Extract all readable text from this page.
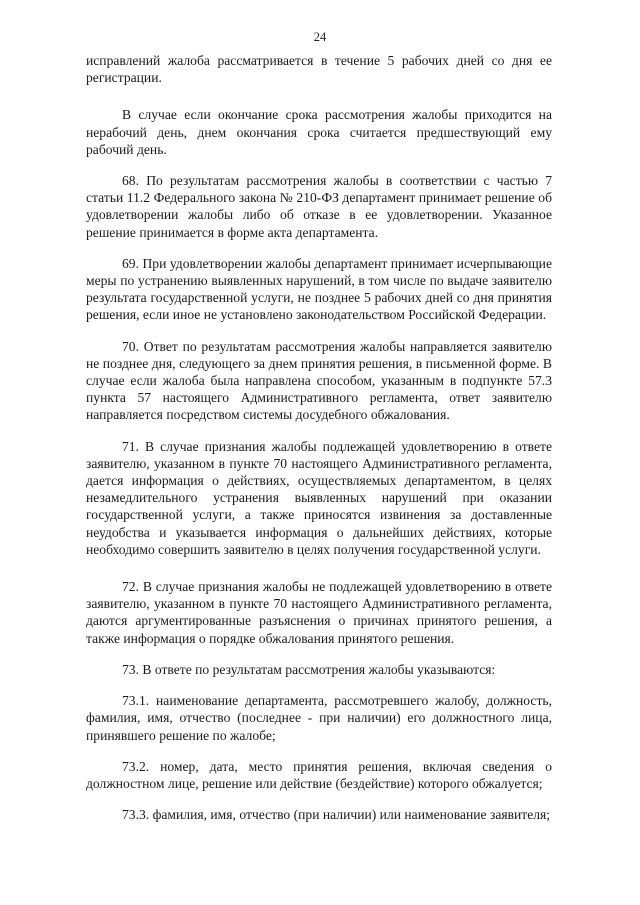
24

исправлений жалоба рассматривается в течение 5 рабочих дней со дня ее регистрации.

В случае если окончание срока рассмотрения жалобы приходится на нерабочий день, днем окончания срока считается предшествующий ему рабочий день.

68. По результатам рассмотрения жалобы в соответствии с частью 7 статьи 11.2 Федерального закона № 210-ФЗ департамент принимает решение об удовлетворении жалобы либо об отказе в ее удовлетворении. Указанное решение принимается в форме акта департамента.

69. При удовлетворении жалобы департамент принимает исчерпывающие меры по устранению выявленных нарушений, в том числе по выдаче заявителю результата государственной услуги, не позднее 5 рабочих дней со дня принятия решения, если иное не установлено законодательством Российской Федерации.

70. Ответ по результатам рассмотрения жалобы направляется заявителю не позднее дня, следующего за днем принятия решения, в письменной форме. В случае если жалоба была направлена способом, указанным в подпункте 57.3 пункта 57 настоящего Административного регламента, ответ заявителю направляется посредством системы досудебного обжалования.

71. В случае признания жалобы подлежащей удовлетворению в ответе заявителю, указанном в пункте 70 настоящего Административного регламента, дается информация о действиях, осуществляемых департаментом, в целях незамедлительного устранения выявленных нарушений при оказании государственной услуги, а также приносятся извинения за доставленные неудобства и указывается информация о дальнейших действиях, которые необходимо совершить заявителю в целях получения государственной услуги.

72. В случае признания жалобы не подлежащей удовлетворению в ответе заявителю, указанном в пункте 70 настоящего Административного регламента, даются аргументированные разъяснения о причинах принятого решения, а также информация о порядке обжалования принятого решения.

73. В ответе по результатам рассмотрения жалобы указываются:

73.1. наименование департамента, рассмотревшего жалобу, должность, фамилия, имя, отчество (последнее - при наличии) его должностного лица, принявшего решение по жалобе;

73.2. номер, дата, место принятия решения, включая сведения о должностном лице, решение или действие (бездействие) которого обжалуется;

73.3. фамилия, имя, отчество (при наличии) или наименование заявителя;
